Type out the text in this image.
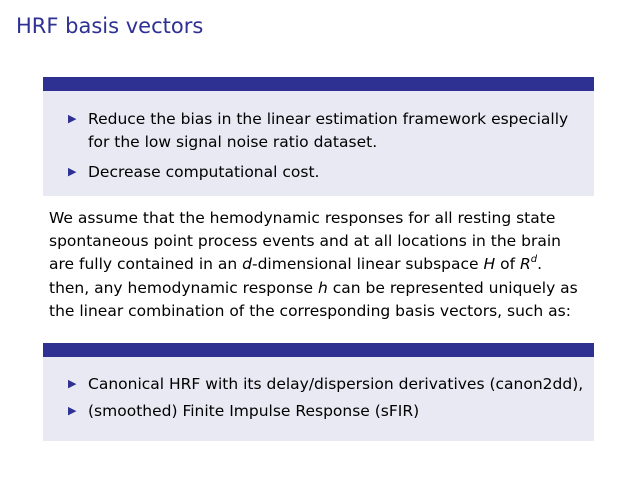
HRF basis vectors
▶ Reduce the bias in the linear estimation framework especially
for the low signal noise ratio dataset.
▶ Decrease computational cost.
We assume that the hemodynamic responses for all resting state
spontaneous point process events and at all locations in the brain
are fully contained in an d-dimensional linear subspace H of $R^d$.
then, any hemodynamic response h can be represented uniquely as
the linear combination of the corresponding basis vectors, such as:
▶ Canonical HRF with its delay/dispersion derivatives (canon2dd),
▶ (smoothed) Finite Impulse Response (sFIR)
